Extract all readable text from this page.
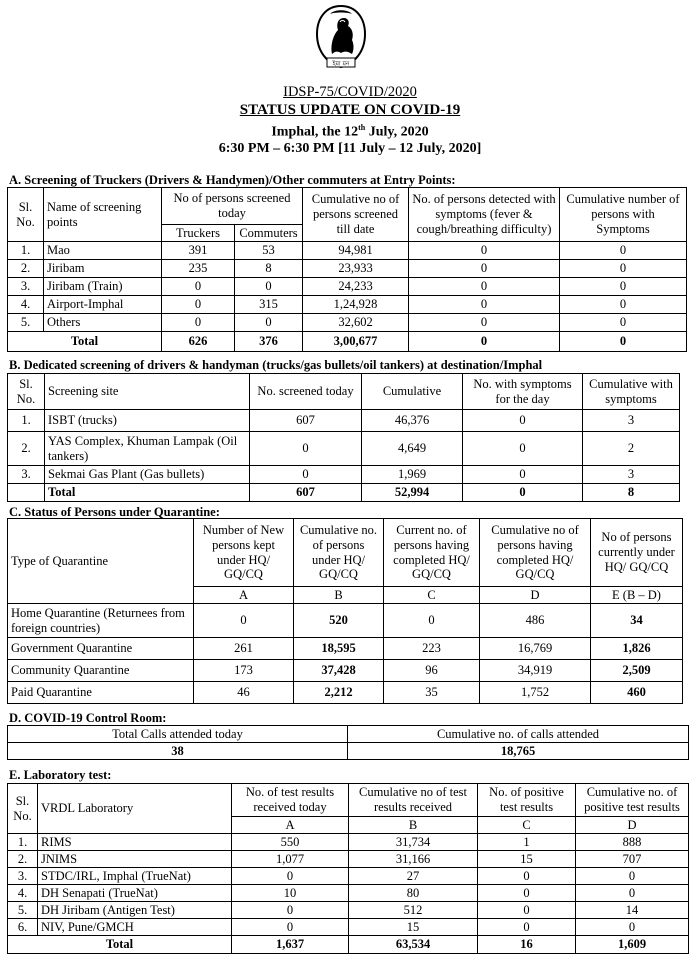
ইমা মন
IDSP-75/COVID/2020
STATUS UPDATE ON COVID-19
Imphal, the 12th July, 2020
6:30 PM – 6:30 PM [11 July – 12 July, 2020]
A. Screening of Truckers (Drivers & Handymen)/Other commuters at Entry Points:
Sl. No.	Name of screening points	No of persons screened today		Cumulative no of persons screened till date	No. of persons detected with symptoms (fever & cough/breathing difficulty)	Cumulative number of persons with Symptoms
		Truckers	Commuters			
1.	Mao	391	53	94,981	0	0
2.	Jiribam	235	8	23,933	0	0
3.	Jiribam (Train)	0	0	24,233	0	0
4.	Airport-Imphal	0	315	1,24,928	0	0
5.	Others	0	0	32,602	0	0
Total		626	376	3,00,677	0	0
B. Dedicated screening of drivers & handyman (trucks/gas bullets/oil tankers) at destination/Imphal
Sl. No.	Screening site	No. screened today	Cumulative	No. with symptoms for the day	Cumulative with symptoms
1.	ISBT (trucks)	607	46,376	0	3
2.	YAS Complex, Khuman Lampak (Oil tankers)	0	4,649	0	2
3.	Sekmai Gas Plant (Gas bullets)	0	1,969	0	3
	Total	607	52,994	0	8
C. Status of Persons under Quarantine:
Type of Quarantine	Number of New persons kept under HQ/ GQ/CQ	Cumulative no. of persons under HQ/ GQ/CQ	Current no. of persons having completed HQ/ GQ/CQ	Cumulative no of persons having completed HQ/ GQ/CQ	No of persons currently under HQ/ GQ/CQ
	A	B	C	D	E (B – D)
Home Quarantine (Returnees from foreign countries)	0	520	0	486	34
Government Quarantine	261	18,595	223	16,769	1,826
Community Quarantine	173	37,428	96	34,919	2,509
Paid Quarantine	46	2,212	35	1,752	460
D. COVID-19 Control Room:
Total Calls attended today	Cumulative no. of calls attended
38	18,765
E. Laboratory test:
Sl. No.	VRDL Laboratory	No. of test results received today	Cumulative no of test results received	No. of positive test results	Cumulative no. of positive test results
		A	B	C	D
1.	RIMS	550	31,734	1	888
2.	JNIMS	1,077	31,166	15	707
3.	STDC/IRL, Imphal (TrueNat)	0	27	0	0
4.	DH Senapati (TrueNat)	10	80	0	0
5.	DH Jiribam (Antigen Test)	0	512	0	14
6.	NIV, Pune/GMCH	0	15	0	0
Total		1,637	63,534	16	1,609
